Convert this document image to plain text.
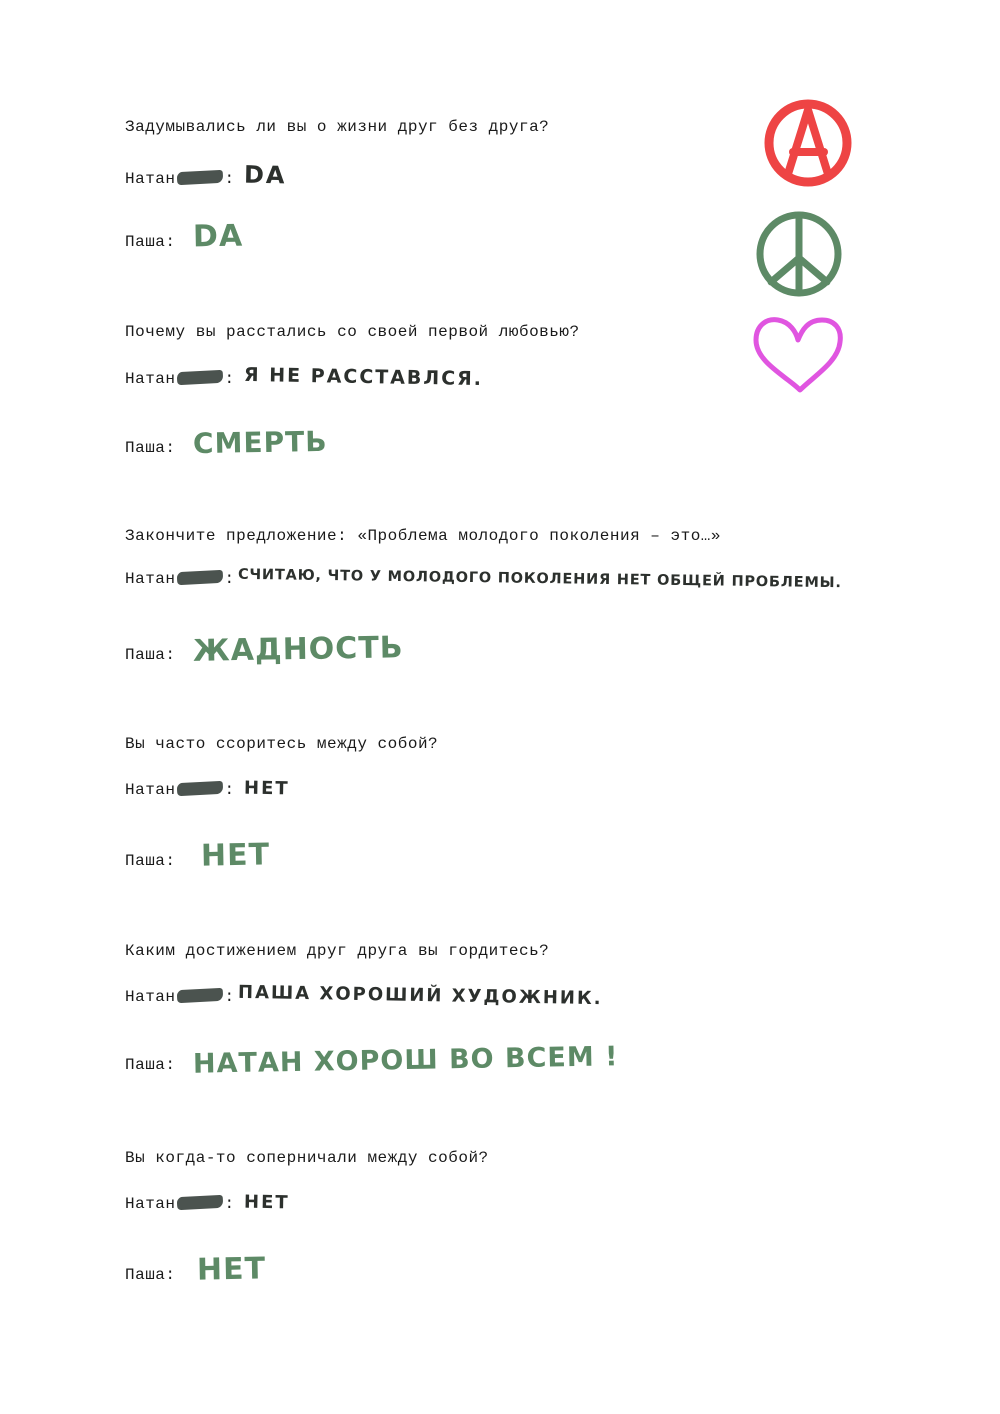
Задумывались ли вы о жизни друг без друга?
Натан	: DA
Паша : DA
Почему вы расстались со своей первой любовью?
Натан	: Я НЕ РАССТАВЛСЯ.
Паша : СМЕРТЬ
Закончите предложение: «Проблема молодого поколения – это…»
Натан	: СЧИТАЮ, ЧТО У МОЛОДОГО ПОКОЛЕНИЯ НЕТ ОБЩЕЙ ПРОБЛЕМЫ.
Паша : ЖАДНОСТЬ
Вы часто ссоритесь между собой?
Натан	: НЕТ
Паша : НЕТ
Каким достижением друг друга вы гордитесь?
Натан	: ПАША ХОРОШИЙ ХУДОЖНИК.
Паша : НАТАН ХОРОШ ВО ВСЕМ !
Вы когда-то соперничали между собой?
Натан	: НЕТ
Паша : НЕТ
